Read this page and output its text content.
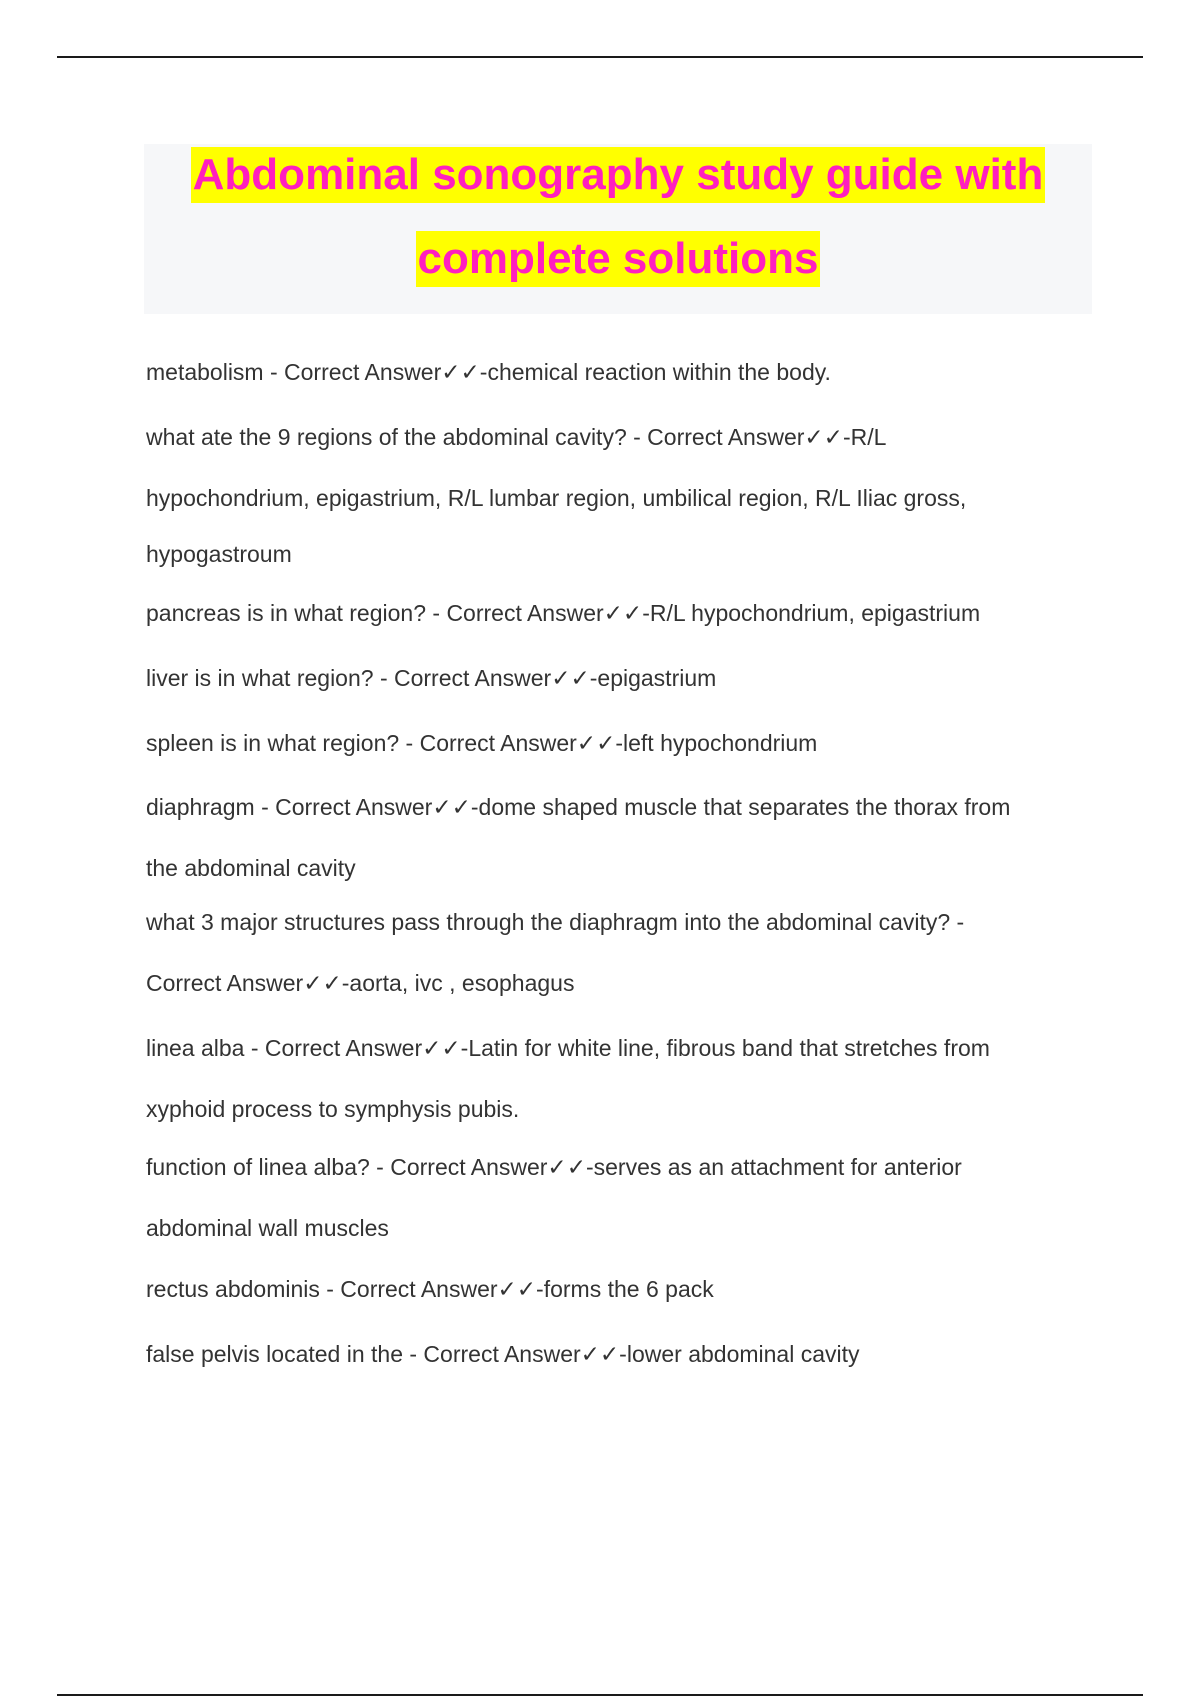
Abdominal sonography study guide with
complete solutions
metabolism - Correct Answer✓✓-chemical reaction within the body.
what ate the 9 regions of the abdominal cavity? - Correct Answer✓✓-R/L
hypochondrium, epigastrium, R/L lumbar region, umbilical region, R/L Iliac gross,
hypogastroum
pancreas is in what region? - Correct Answer✓✓-R/L hypochondrium, epigastrium
liver is in what region? - Correct Answer✓✓-epigastrium
spleen is in what region? - Correct Answer✓✓-left hypochondrium
diaphragm - Correct Answer✓✓-dome shaped muscle that separates the thorax from
the abdominal cavity
what 3 major structures pass through the diaphragm into the abdominal cavity? -
Correct Answer✓✓-aorta, ivc , esophagus
linea alba - Correct Answer✓✓-Latin for white line, fibrous band that stretches from
xyphoid process to symphysis pubis.
function of linea alba? - Correct Answer✓✓-serves as an attachment for anterior
abdominal wall muscles
rectus abdominis - Correct Answer✓✓-forms the 6 pack
false pelvis located in the - Correct Answer✓✓-lower abdominal cavity
